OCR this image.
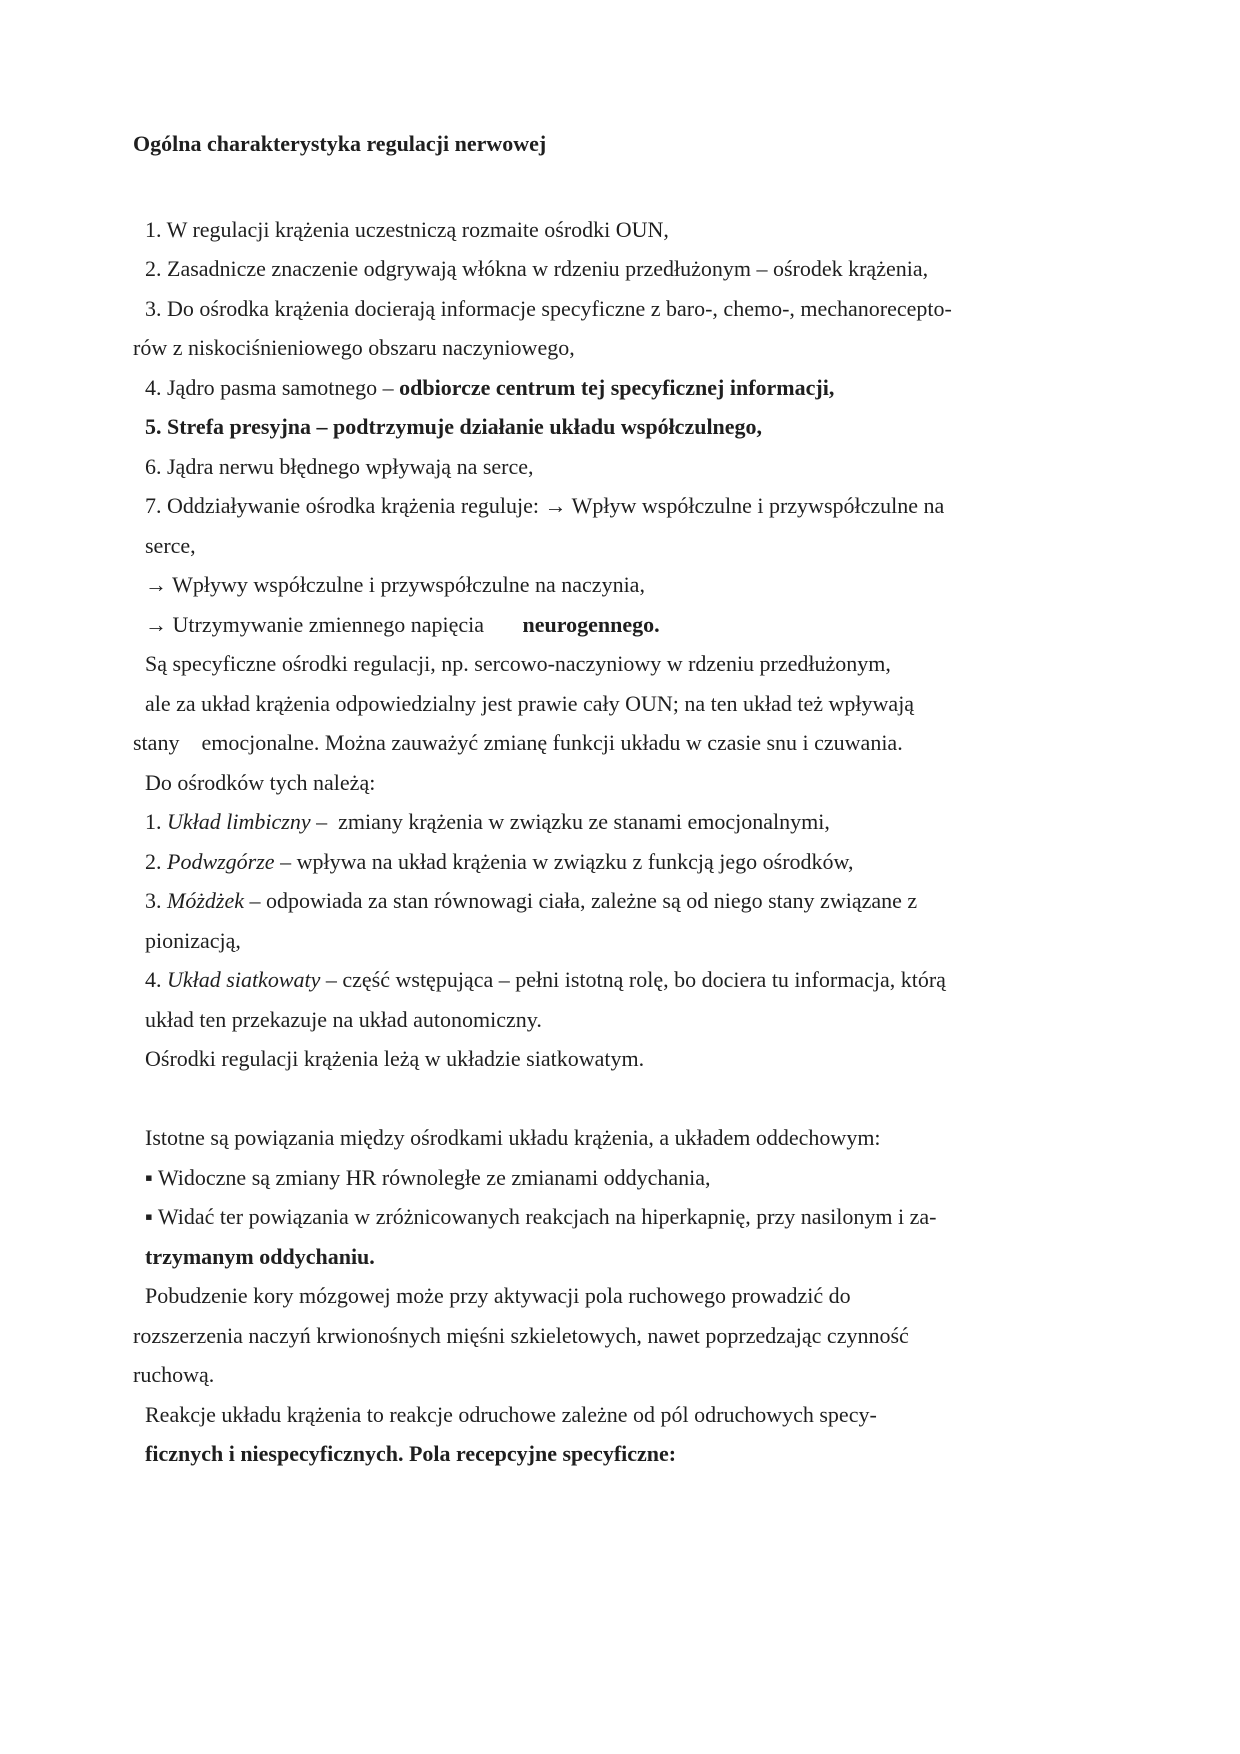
Ogólna charakterystyka regulacji nerwowej
1. W regulacji krążenia uczestniczą rozmaite ośrodki OUN,
2. Zasadnicze znaczenie odgrywają włókna w rdzeniu przedłużonym – ośrodek krążenia,
3. Do ośrodka krążenia docierają informacje specyficzne z baro-, chemo-, mechanorecepto-
rów z niskociśnieniowego obszaru naczyniowego,
4. Jądro pasma samotnego – odbiorcze centrum tej specyficznej informacji,
5. Strefa presyjna – podtrzymuje działanie układu współczulnego,
6. Jądra nerwu błędnego wpływają na serce,
7. Oddziaływanie ośrodka krążenia reguluje: → Wpływ współczulne i przywspółczulne na
serce,
→ Wpływy współczulne i przywspółczulne na naczynia,
→ Utrzymywanie zmiennego napięcia       neurogennego.
Są specyficzne ośrodki regulacji, np. sercowo-naczyniowy w rdzeniu przedłużonym,
ale za układ krążenia odpowiedzialny jest prawie cały OUN; na ten układ też wpływają
stany    emocjonalne. Można zauważyć zmianę funkcji układu w czasie snu i czuwania.
Do ośrodków tych należą:
1. Układ limbiczny –  zmiany krążenia w związku ze stanami emocjonalnymi,
2. Podwzgórze – wpływa na układ krążenia w związku z funkcją jego ośrodków,
3. Móżdżek – odpowiada za stan równowagi ciała, zależne są od niego stany związane z
pionizacją,
4. Układ siatkowaty – część wstępująca – pełni istotną rolę, bo dociera tu informacja, którą
układ ten przekazuje na układ autonomiczny.
Ośrodki regulacji krążenia leżą w układzie siatkowatym.
Istotne są powiązania między ośrodkami układu krążenia, a układem oddechowym:
▪ Widoczne są zmiany HR równoległe ze zmianami oddychania,
▪ Widać ter powiązania w zróżnicowanych reakcjach na hiperkapnię, przy nasilonym i za-
trzymanym oddychaniu.
Pobudzenie kory mózgowej może przy aktywacji pola ruchowego prowadzić do
rozszerzenia naczyń krwionośnych mięśni szkieletowych, nawet poprzedzając czynność
ruchową.
Reakcje układu krążenia to reakcje odruchowe zależne od pól odruchowych specy-
ficznych i niespecyficznych. Pola recepcyjne specyficzne:
